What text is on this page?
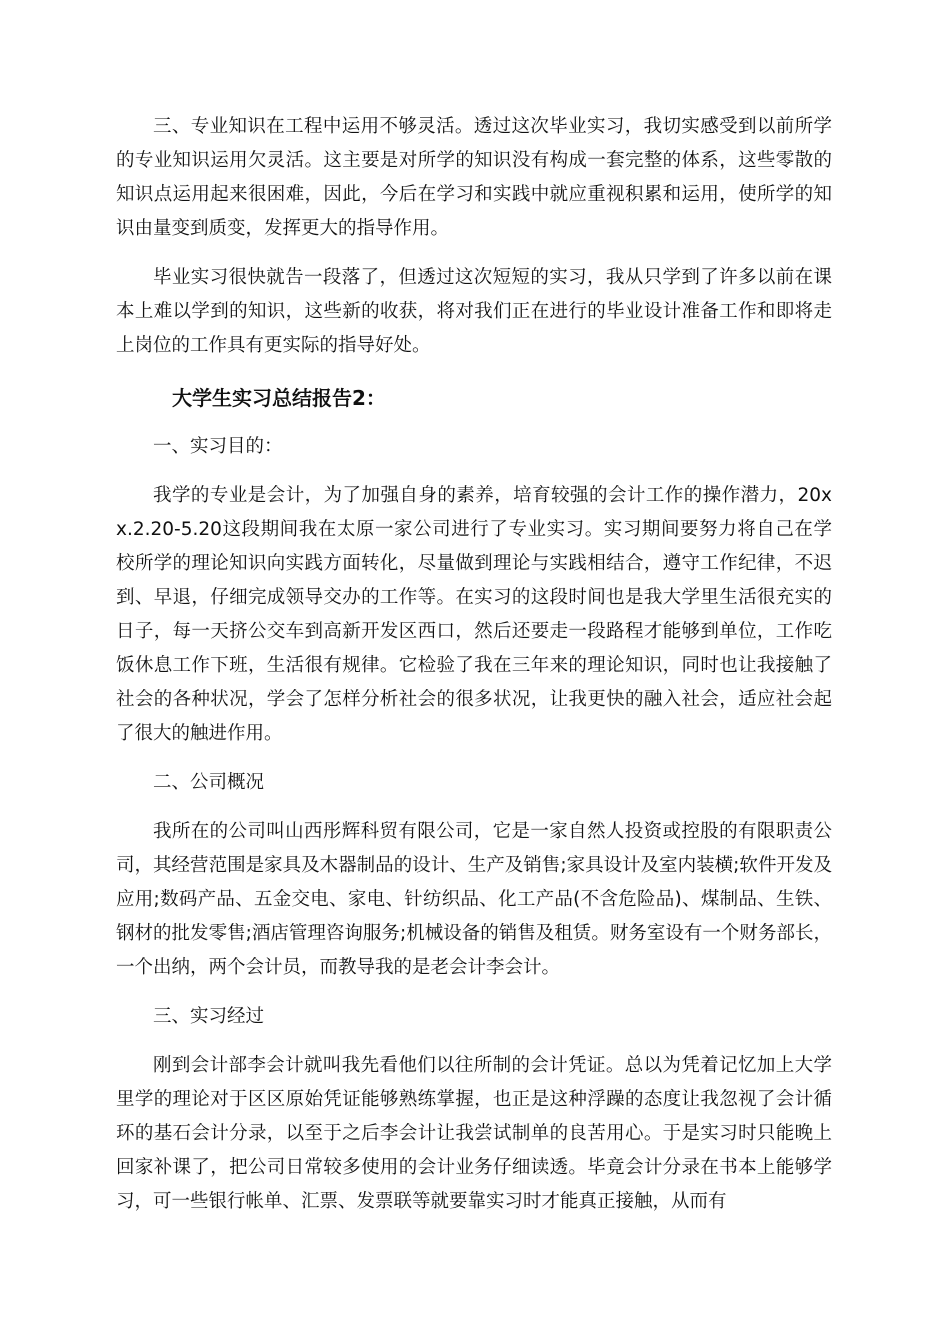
三、专业知识在工程中运用不够灵活。透过这次毕业实习，我切实感受到以前所学的专业知识运用欠灵活。这主要是对所学的知识没有构成一套完整的体系，这些零散的知识点运用起来很困难，因此，今后在学习和实践中就应重视积累和运用，使所学的知识由量变到质变，发挥更大的指导作用。

毕业实习很快就告一段落了，但透过这次短短的实习，我从只学到了许多以前在课本上难以学到的知识，这些新的收获，将对我们正在进行的毕业设计准备工作和即将走上岗位的工作具有更实际的指导好处。

大学生实习总结报告2：

一、实习目的：

我学的专业是会计，为了加强自身的素养，培育较强的会计工作的操作潜力，20xx.2.20-5.20这段期间我在太原一家公司进行了专业实习。实习期间要努力将自己在学校所学的理论知识向实践方面转化，尽量做到理论与实践相结合，遵守工作纪律，不迟到、早退，仔细完成领导交办的工作等。在实习的这段时间也是我大学里生活很充实的日子，每一天挤公交车到高新开发区西口，然后还要走一段路程才能够到单位，工作吃饭休息工作下班，生活很有规律。它检验了我在三年来的理论知识，同时也让我接触了社会的各种状况，学会了怎样分析社会的很多状况，让我更快的融入社会，适应社会起了很大的触进作用。

二、公司概况

我所在的公司叫山西彤辉科贸有限公司，它是一家自然人投资或控股的有限职责公司，其经营范围是家具及木器制品的设计、生产及销售;家具设计及室内装横;软件开发及应用;数码产品、五金交电、家电、针纺织品、化工产品(不含危险品)、煤制品、生铁、钢材的批发零售;酒店管理咨询服务;机械设备的销售及租赁。财务室设有一个财务部长，一个出纳，两个会计员，而教导我的是老会计李会计。

三、实习经过

刚到会计部李会计就叫我先看他们以往所制的会计凭证。总以为凭着记忆加上大学里学的理论对于区区原始凭证能够熟练掌握，也正是这种浮躁的态度让我忽视了会计循环的基石会计分录，以至于之后李会计让我尝试制单的良苦用心。于是实习时只能晚上回家补课了，把公司日常较多使用的会计业务仔细读透。毕竟会计分录在书本上能够学习，可一些银行帐单、汇票、发票联等就要靠实习时才能真正接触，从而有
